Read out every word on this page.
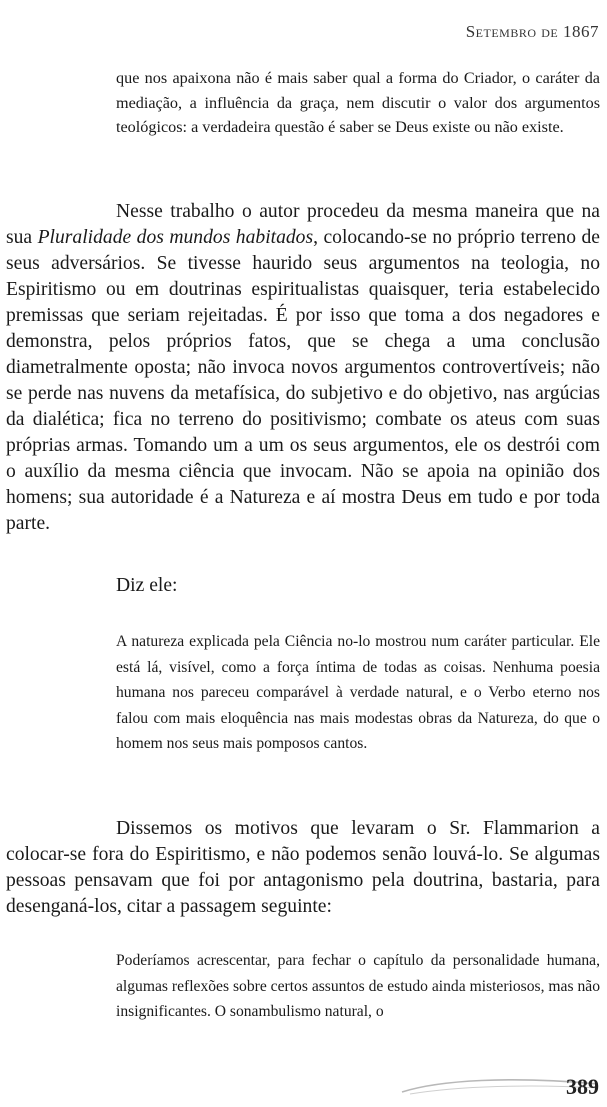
Setembro de 1867

que nos apaixona não é mais saber qual a forma do Criador, o caráter da mediação, a influência da graça, nem discutir o valor dos argumentos teológicos: a verdadeira questão é saber se Deus existe ou não existe.

Nesse trabalho o autor procedeu da mesma maneira que na sua Pluralidade dos mundos habitados, colocando-se no próprio terreno de seus adversários. Se tivesse haurido seus argumentos na teologia, no Espiritismo ou em doutrinas espiritualistas quaisquer, teria estabelecido premissas que seriam rejeitadas. É por isso que toma a dos negadores e demonstra, pelos próprios fatos, que se chega a uma conclusão diametralmente oposta; não invoca novos argumentos controvertíveis; não se perde nas nuvens da metafísica, do subjetivo e do objetivo, nas argúcias da dialética; fica no terreno do positivismo; combate os ateus com suas próprias armas. Tomando um a um os seus argumentos, ele os destrói com o auxílio da mesma ciência que invocam. Não se apoia na opinião dos homens; sua autoridade é a Natureza e aí mostra Deus em tudo e por toda parte.

Diz ele:

A natureza explicada pela Ciência no-lo mostrou num caráter particular. Ele está lá, visível, como a força íntima de todas as coisas. Nenhuma poesia humana nos pareceu comparável à verdade natural, e o Verbo eterno nos falou com mais eloquência nas mais modestas obras da Natureza, do que o homem nos seus mais pomposos cantos.

Dissemos os motivos que levaram o Sr. Flammarion a colocar-se fora do Espiritismo, e não podemos senão louvá-lo. Se algumas pessoas pensavam que foi por antagonismo pela doutrina, bastaria, para desenganá-los, citar a passagem seguinte:

Poderíamos acrescentar, para fechar o capítulo da personalidade humana, algumas reflexões sobre certos assuntos de estudo ainda misteriosos, mas não insignificantes. O sonambulismo natural, o

389
